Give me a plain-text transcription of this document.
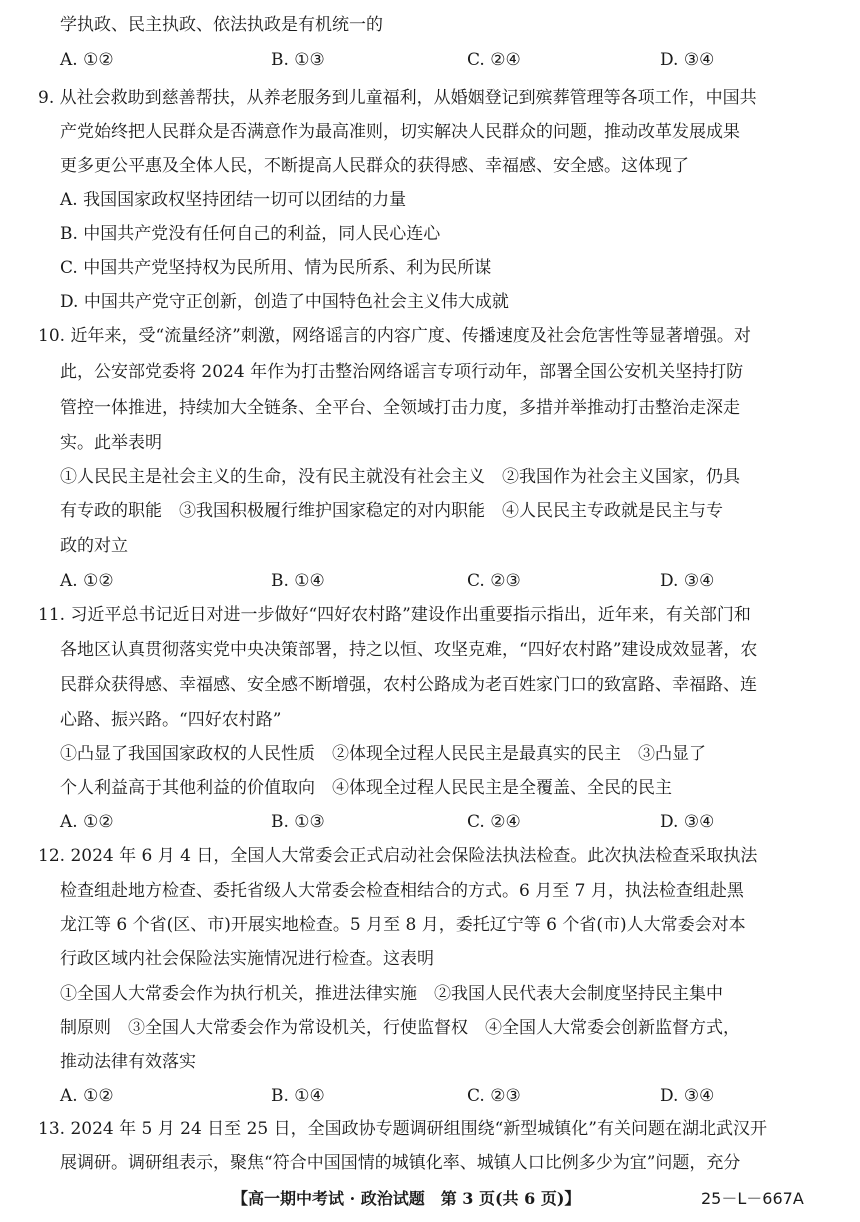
学执政、民主执政、依法执政是有机统一的
A. ①②	B. ①③	C. ②④	D. ③④
9. 从社会救助到慈善帮扶，从养老服务到儿童福利，从婚姻登记到殡葬管理等各项工作，中国共
产党始终把人民群众是否满意作为最高准则，切实解决人民群众的问题，推动改革发展成果
更多更公平惠及全体人民，不断提高人民群众的获得感、幸福感、安全感。这体现了
A. 我国国家政权坚持团结一切可以团结的力量
B. 中国共产党没有任何自己的利益，同人民心连心
C. 中国共产党坚持权为民所用、情为民所系、利为民所谋
D. 中国共产党守正创新，创造了中国特色社会主义伟大成就
10. 近年来，受“流量经济”刺激，网络谣言的内容广度、传播速度及社会危害性等显著增强。对
此，公安部党委将 2024 年作为打击整治网络谣言专项行动年，部署全国公安机关坚持打防
管控一体推进，持续加大全链条、全平台、全领域打击力度，多措并举推动打击整治走深走
实。此举表明
①人民民主是社会主义的生命，没有民主就没有社会主义　②我国作为社会主义国家，仍具
有专政的职能　③我国积极履行维护国家稳定的对内职能　④人民民主专政就是民主与专
政的对立
A. ①②	B. ①④	C. ②③	D. ③④
11. 习近平总书记近日对进一步做好“四好农村路”建设作出重要指示指出，近年来，有关部门和
各地区认真贯彻落实党中央决策部署，持之以恒、攻坚克难，“四好农村路”建设成效显著，农
民群众获得感、幸福感、安全感不断增强，农村公路成为老百姓家门口的致富路、幸福路、连
心路、振兴路。“四好农村路”
①凸显了我国国家政权的人民性质　②体现全过程人民民主是最真实的民主　③凸显了
个人利益高于其他利益的价值取向　④体现全过程人民民主是全覆盖、全民的民主
A. ①②	B. ①③	C. ②④	D. ③④
12. 2024 年 6 月 4 日，全国人大常委会正式启动社会保险法执法检查。此次执法检查采取执法
检查组赴地方检查、委托省级人大常委会检查相结合的方式。6 月至 7 月，执法检查组赴黑
龙江等 6 个省(区、市)开展实地检查。5 月至 8 月，委托辽宁等 6 个省(市)人大常委会对本
行政区域内社会保险法实施情况进行检查。这表明
①全国人大常委会作为执行机关，推进法律实施　②我国人民代表大会制度坚持民主集中
制原则　③全国人大常委会作为常设机关，行使监督权　④全国人大常委会创新监督方式，
推动法律有效落实
A. ①②	B. ①④	C. ②③	D. ③④
13. 2024 年 5 月 24 日至 25 日，全国政协专题调研组围绕“新型城镇化”有关问题在湖北武汉开
展调研。调研组表示，聚焦“符合中国国情的城镇化率、城镇人口比例多少为宜”问题，充分
【高一期中考试 · 政治试题　第 3 页(共 6 页)】	25－L－667A
